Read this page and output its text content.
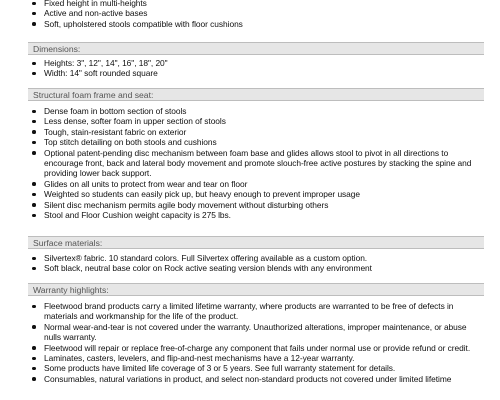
Fixed height in multi-heights
Active and non-active bases
Soft, upholstered stools compatible with floor cushions
Dimensions:
Heights: 3", 12", 14", 16", 18", 20"
Width: 14" soft rounded square
Structural foam frame and seat:
Dense foam in bottom section of stools
Less dense, softer foam in upper section of stools
Tough, stain-resistant fabric on exterior
Top stitch detailing on both stools and cushions
Optional patent-pending disc mechanism between foam base and glides allows stool to pivot in all directions to encourage front, back and lateral body movement and promote slouch-free active postures by stacking the spine and providing lower back support.
Glides on all units to protect from wear and tear on floor
Weighted so students can easily pick up, but heavy enough to prevent improper usage
Silent disc mechanism permits agile body movement without disturbing others
Stool and Floor Cushion weight capacity is 275 lbs.
Surface materials:
Silvertex® fabric. 10 standard colors. Full Silvertex offering available as a custom option.
Soft black, neutral base color on Rock active seating version blends with any environment
Warranty highlights:
Fleetwood brand products carry a limited lifetime warranty, where products are warranted to be free of defects in materials and workmanship for the life of the product.
Normal wear-and-tear is not covered under the warranty. Unauthorized alterations, improper maintenance, or abuse nulls warranty.
Fleetwood will repair or replace free-of-charge any component that fails under normal use or provide refund or credit.
Laminates, casters, levelers, and flip-and-nest mechanisms have a 12-year warranty.
Some products have limited life coverage of 3 or 5 years. See full warranty statement for details.
Consumables, natural variations in product, and select non-standard products not covered under limited lifetime
